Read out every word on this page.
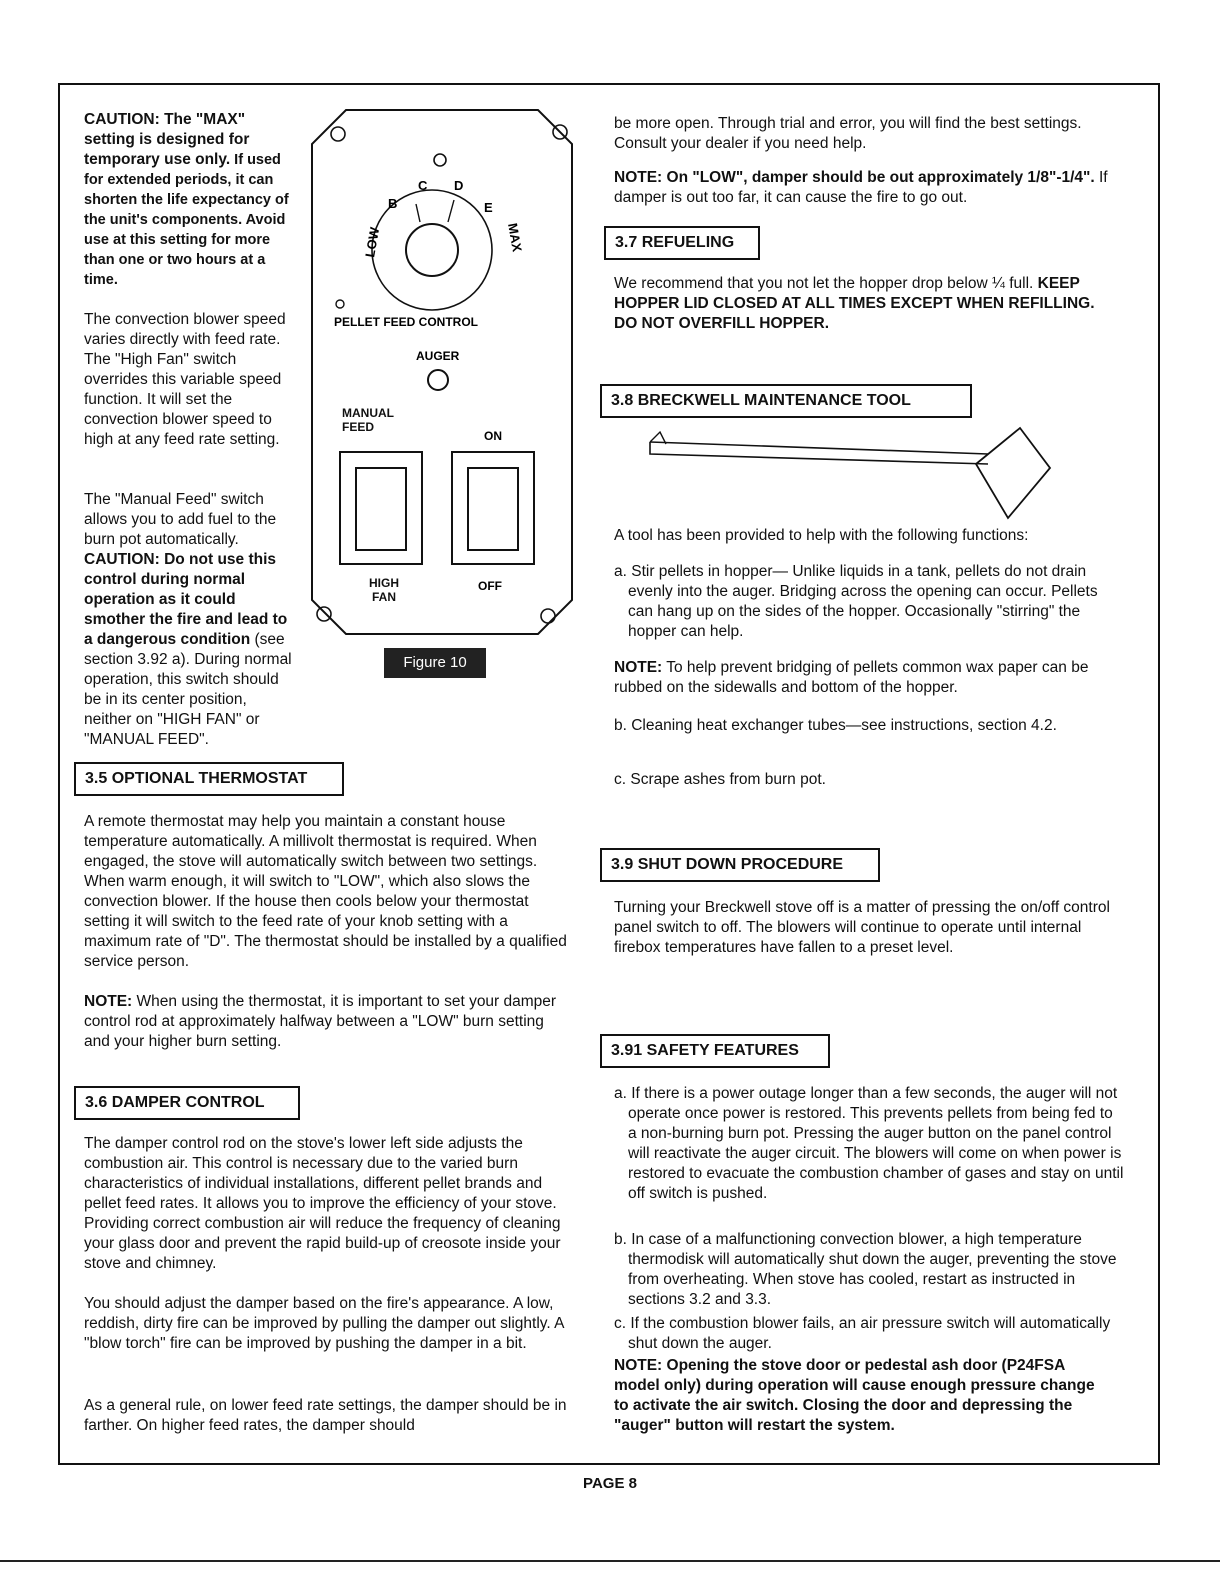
CAUTION: The "MAX" setting is designed for temporary use only. If used for extended periods, it can shorten the life expectancy of the unit's components. Avoid use at this setting for more than one or two hours at a time.

The convection blower speed varies directly with feed rate. The "High Fan" switch overrides this variable speed function. It will set the convection blower speed to high at any feed rate setting.

The "Manual Feed" switch allows you to add fuel to the burn pot automatically. CAUTION: Do not use this control during normal operation as it could smother the fire and lead to a dangerous condition (see section 3.92 a). During normal operation, this switch should be in its center position, neither on "HIGH FAN" or "MANUAL FEED".

LOW
B
C D
E
MAX
PELLET FEED CONTROL
AUGER
MANUAL FEED
ON
HIGH FAN
OFF
Figure 10
3.5 OPTIONAL THERMOSTAT

A remote thermostat may help you maintain a constant house temperature automatically. A millivolt thermostat is required. When engaged, the stove will automatically switch between two settings. When warm enough, it will switch to "LOW", which also slows the convection blower. If the house then cools below your thermostat setting it will switch to the feed rate of your knob setting with a maximum rate of "D". The thermostat should be installed by a qualified service person.

NOTE: When using the thermostat, it is important to set your damper control rod at approximately halfway between a "LOW" burn setting and your higher burn setting.

3.6 DAMPER CONTROL

The damper control rod on the stove's lower left side adjusts the combustion air. This control is necessary due to the varied burn characteristics of individual installations, different pellet brands and pellet feed rates. It allows you to improve the efficiency of your stove. Providing correct combustion air will reduce the frequency of cleaning your glass door and prevent the rapid build-up of creosote inside your stove and chimney.

You should adjust the damper based on the fire's appearance. A low, reddish, dirty fire can be improved by pulling the damper out slightly. A "blow torch" fire can be improved by pushing the damper in a bit.

As a general rule, on lower feed rate settings, the damper should be in farther. On higher feed rates, the damper should

be more open. Through trial and error, you will find the best settings. Consult your dealer if you need help.

NOTE: On "LOW", damper should be out approximately 1/8"-1/4". If damper is out too far, it can cause the fire to go out.

3.7 REFUELING

We recommend that you not let the hopper drop below ¼ full. KEEP HOPPER LID CLOSED AT ALL TIMES EXCEPT WHEN REFILLING. DO NOT OVERFILL HOPPER.

3.8 BRECKWELL MAINTENANCE TOOL

A tool has been provided to help with the following functions:

a. Stir pellets in hopper— Unlike liquids in a tank, pellets do not drain evenly into the auger. Bridging across the opening can occur. Pellets can hang up on the sides of the hopper. Occasionally "stirring" the hopper can help.

NOTE: To help prevent bridging of pellets common wax paper can be rubbed on the sidewalls and bottom of the hopper.

b. Cleaning heat exchanger tubes—see instructions, section 4.2.

c. Scrape ashes from burn pot.

3.9 SHUT DOWN PROCEDURE

Turning your Breckwell stove off is a matter of pressing the on/off control panel switch to off. The blowers will continue to operate until internal firebox temperatures have fallen to a preset level.

3.91 SAFETY FEATURES

a. If there is a power outage longer than a few seconds, the auger will not operate once power is restored. This prevents pellets from being fed to a non-burning burn pot. Pressing the auger button on the panel control will reactivate the auger circuit. The blowers will come on when power is restored to evacuate the combustion chamber of gases and stay on until off switch is pushed.

b. In case of a malfunctioning convection blower, a high temperature thermodisk will automatically shut down the auger, preventing the stove from overheating. When stove has cooled, restart as instructed in sections 3.2 and 3.3.

c. If the combustion blower fails, an air pressure switch will automatically shut down the auger.

NOTE: Opening the stove door or pedestal ash door (P24FSA model only) during operation will cause enough pressure change to activate the air switch. Closing the door and depressing the "auger" button will restart the system.

PAGE 8
